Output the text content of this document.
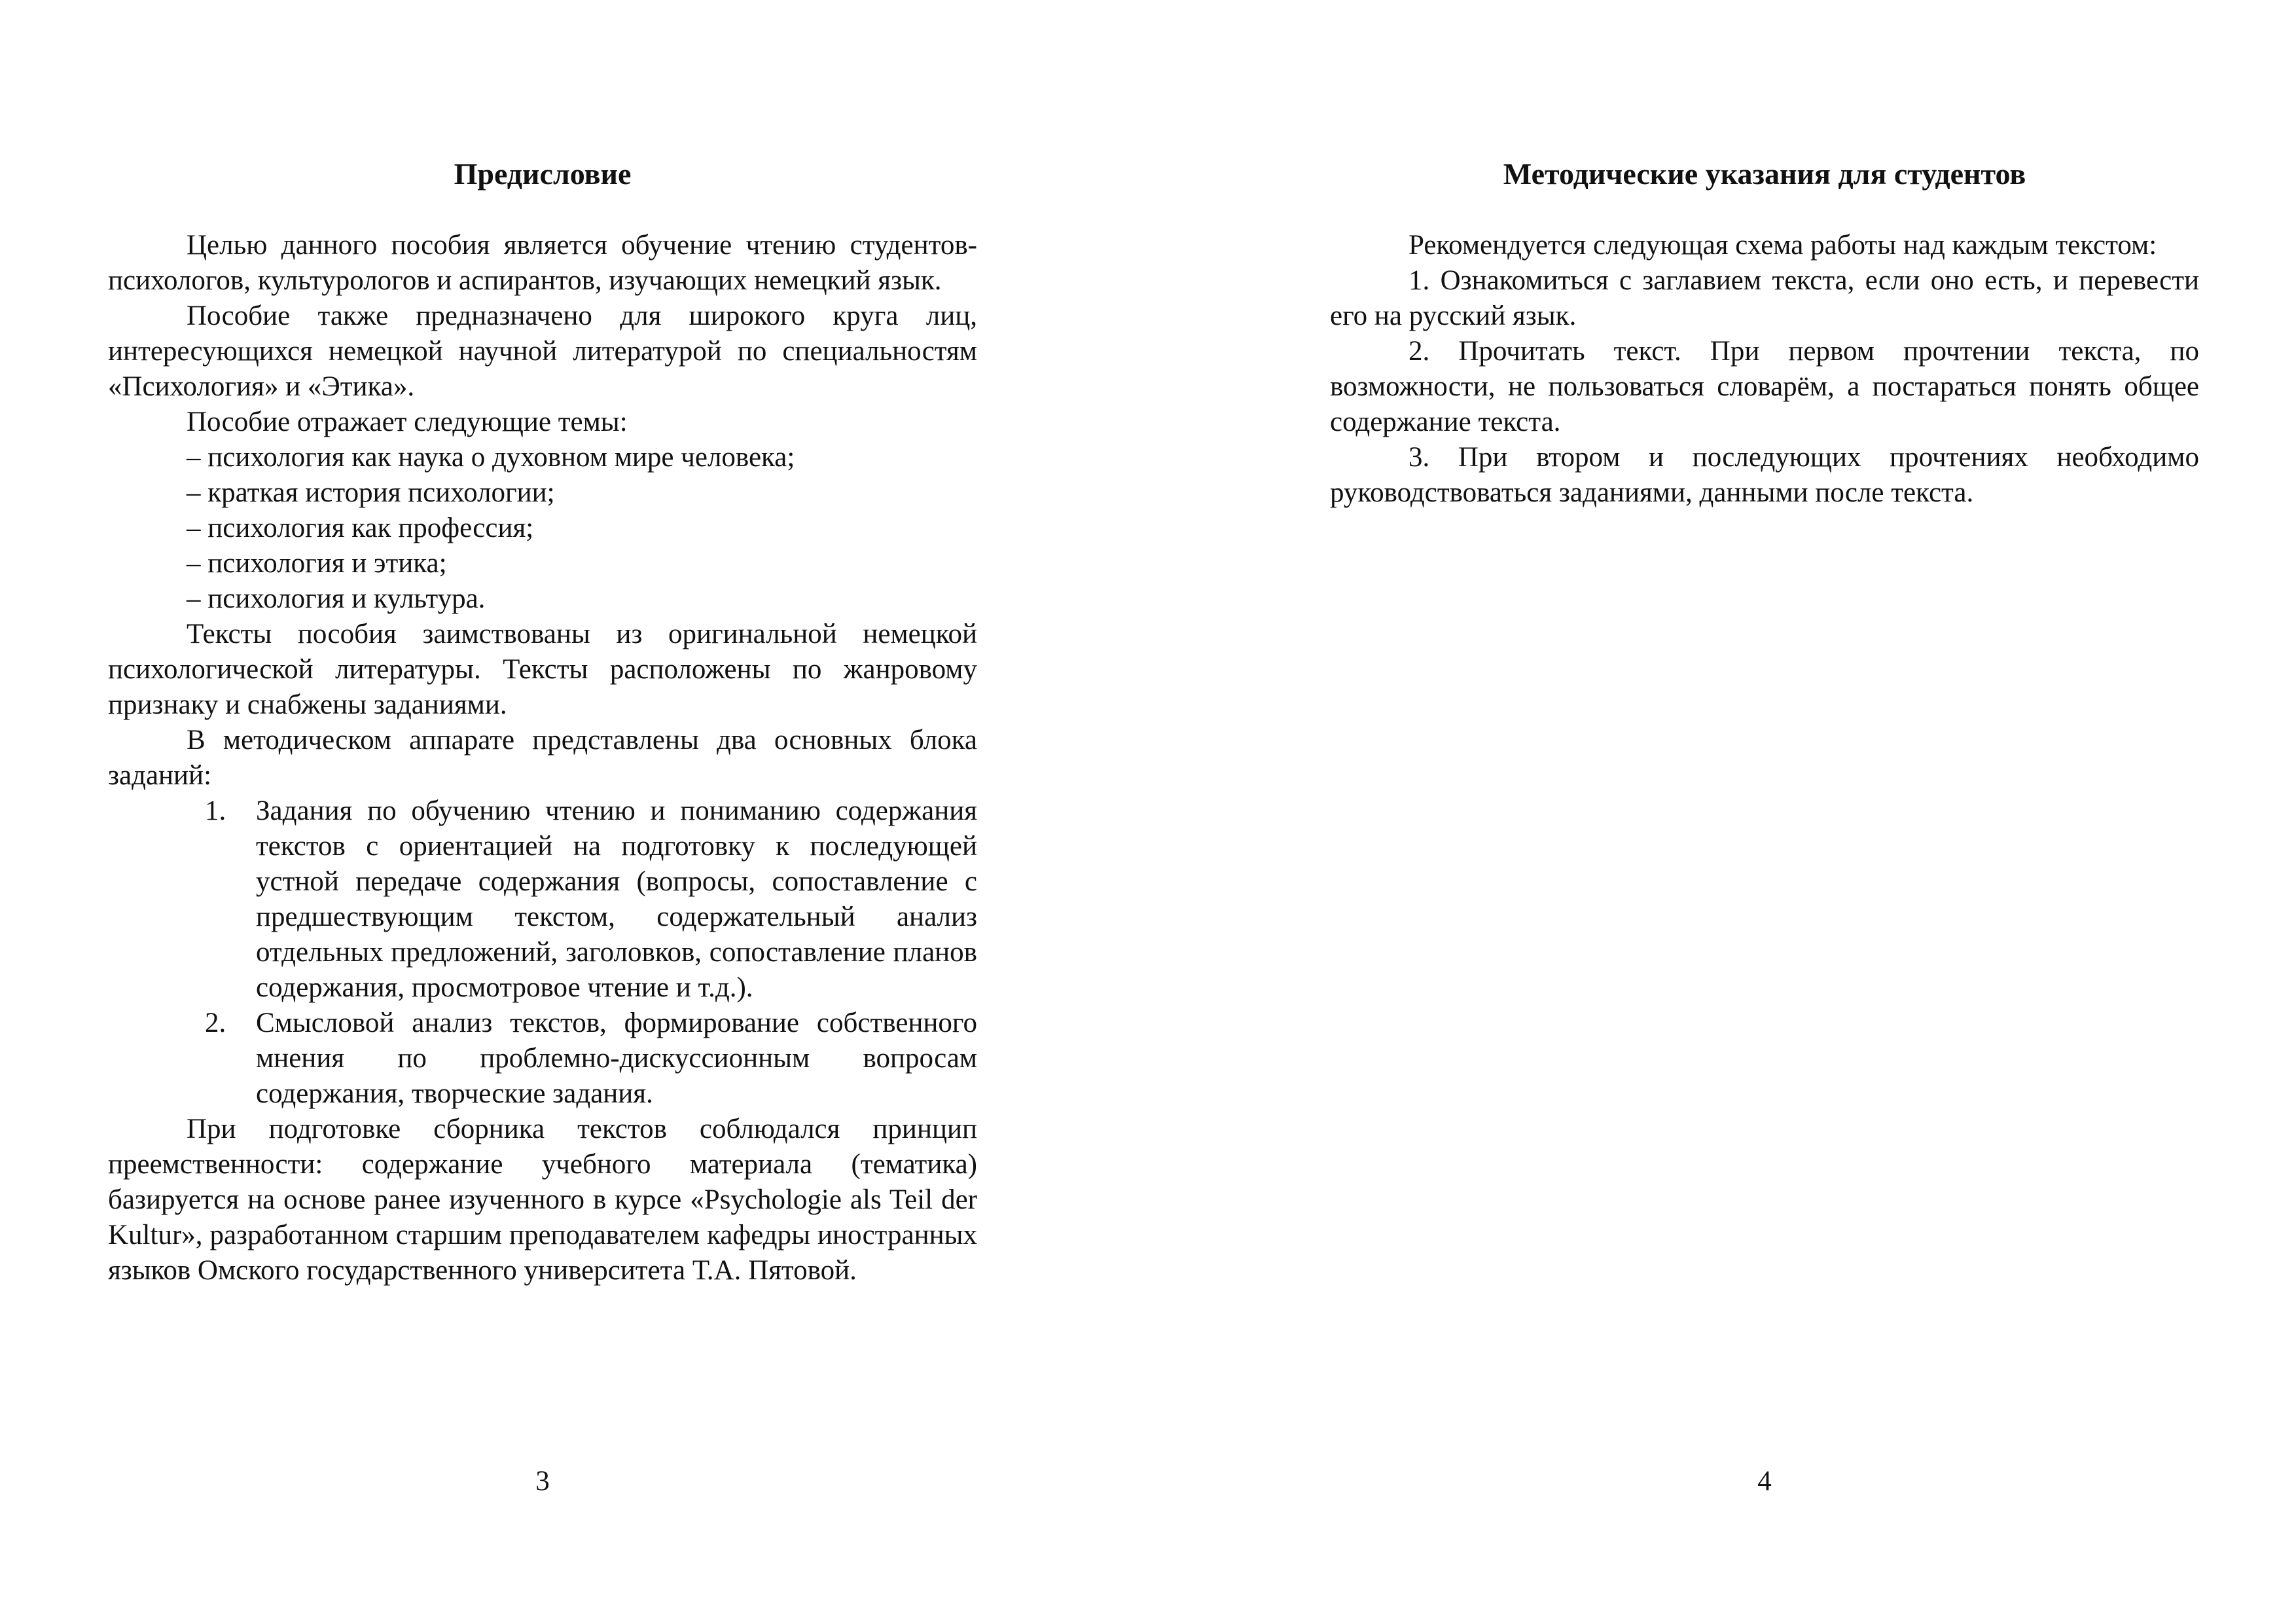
Предисловие

Целью данного пособия является обучение чтению студентов-психологов, культурологов и аспирантов, изучающих немецкий язык.

Пособие также предназначено для широкого круга лиц, интересующихся немецкой научной литературой по специальностям «Психология» и «Этика».

Пособие отражает следующие темы:

– психология как наука о духовном мире человека;

– краткая история психологии;

– психология как профессия;

– психология и этика;

– психология и культура.

Тексты пособия заимствованы из оригинальной немецкой психологической литературы. Тексты расположены по жанровому признаку и снабжены заданиями.

В методическом аппарате представлены два основных блока заданий:

1. Задания по обучению чтению и пониманию содержания текстов с ориентацией на подготовку к последующей устной передаче содержания (вопросы, сопоставление с предшествующим текстом, содержательный анализ отдельных предложений, заголовков, сопоставление планов содержания, просмотровое чтение и т.д.).
2. Смысловой анализ текстов, формирование собственного мнения по проблемно-дискуссионным вопросам содержания, творческие задания.

При подготовке сборника текстов соблюдался принцип преемственности: содержание учебного материала (тематика) базируется на основе ранее изученного в курсе «Psychologie als Teil der Kultur», разработанном старшим преподавателем кафедры иностранных языков Омского государственного университета Т.А. Пятовой.

3
Методические указания для студентов

Рекомендуется следующая схема работы над каждым текстом:

1. Ознакомиться с заглавием текста, если оно есть, и перевести его на русский язык.

2. Прочитать текст. При первом прочтении текста, по возможности, не пользоваться словарём, а постараться понять общее содержание текста.

3. При втором и последующих прочтениях необходимо руководствоваться заданиями, данными после текста.

4
